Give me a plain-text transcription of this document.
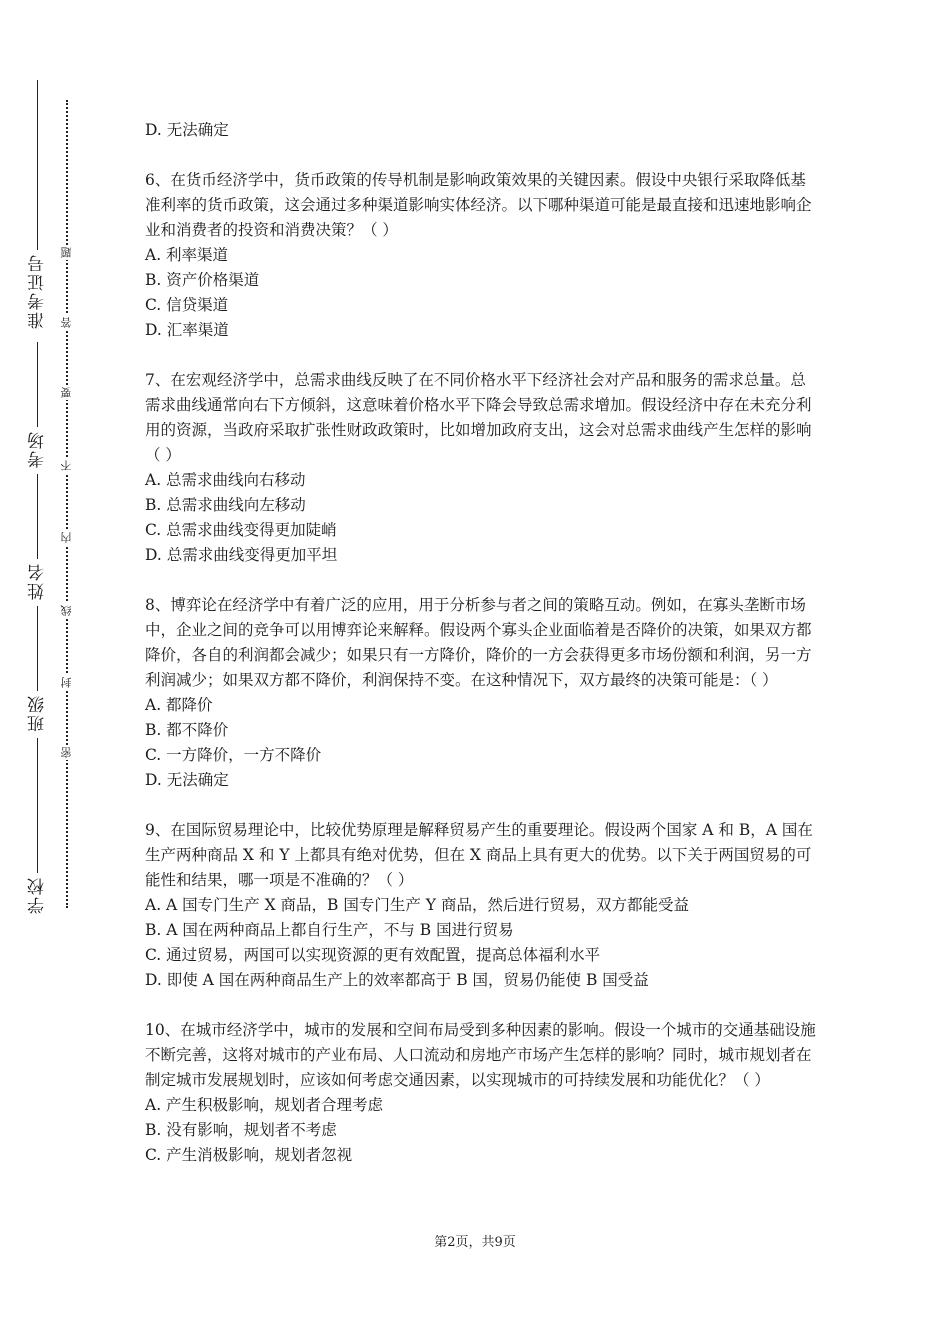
准考证号
考场
姓名
班级
学校
题
答
要
不
内
线
封
密
D. 无法确定
6、在货币经济学中，货币政策的传导机制是影响政策效果的关键因素。假设中央银行采取降低基准利率的货币政策，这会通过多种渠道影响实体经济。以下哪种渠道可能是最直接和迅速地影响企业和消费者的投资和消费决策？（ ）
A. 利率渠道
B. 资产价格渠道
C. 信贷渠道
D. 汇率渠道
7、在宏观经济学中，总需求曲线反映了在不同价格水平下经济社会对产品和服务的需求总量。总需求曲线通常向右下方倾斜，这意味着价格水平下降会导致总需求增加。假设经济中存在未充分利用的资源，当政府采取扩张性财政政策时，比如增加政府支出，这会对总需求曲线产生怎样的影响（ ）
A. 总需求曲线向右移动
B. 总需求曲线向左移动
C. 总需求曲线变得更加陡峭
D. 总需求曲线变得更加平坦
8、博弈论在经济学中有着广泛的应用，用于分析参与者之间的策略互动。例如，在寡头垄断市场中，企业之间的竞争可以用博弈论来解释。假设两个寡头企业面临着是否降价的决策，如果双方都降价，各自的利润都会减少；如果只有一方降价，降价的一方会获得更多市场份额和利润，另一方利润减少；如果双方都不降价，利润保持不变。在这种情况下，双方最终的决策可能是：（ ）
A. 都降价
B. 都不降价
C. 一方降价，一方不降价
D. 无法确定
9、在国际贸易理论中，比较优势原理是解释贸易产生的重要理论。假设两个国家 A 和 B，A 国在生产两种商品 X 和 Y 上都具有绝对优势，但在 X 商品上具有更大的优势。以下关于两国贸易的可能性和结果，哪一项是不准确的？（ ）
A. A 国专门生产 X 商品，B 国专门生产 Y 商品，然后进行贸易，双方都能受益
B. A 国在两种商品上都自行生产，不与 B 国进行贸易
C. 通过贸易，两国可以实现资源的更有效配置，提高总体福利水平
D. 即使 A 国在两种商品生产上的效率都高于 B 国，贸易仍能使 B 国受益
10、在城市经济学中，城市的发展和空间布局受到多种因素的影响。假设一个城市的交通基础设施不断完善，这将对城市的产业布局、人口流动和房地产市场产生怎样的影响？同时，城市规划者在制定城市发展规划时，应该如何考虑交通因素，以实现城市的可持续发展和功能优化？（ ）
A. 产生积极影响，规划者合理考虑
B. 没有影响，规划者不考虑
C. 产生消极影响，规划者忽视
第2页，共9页
